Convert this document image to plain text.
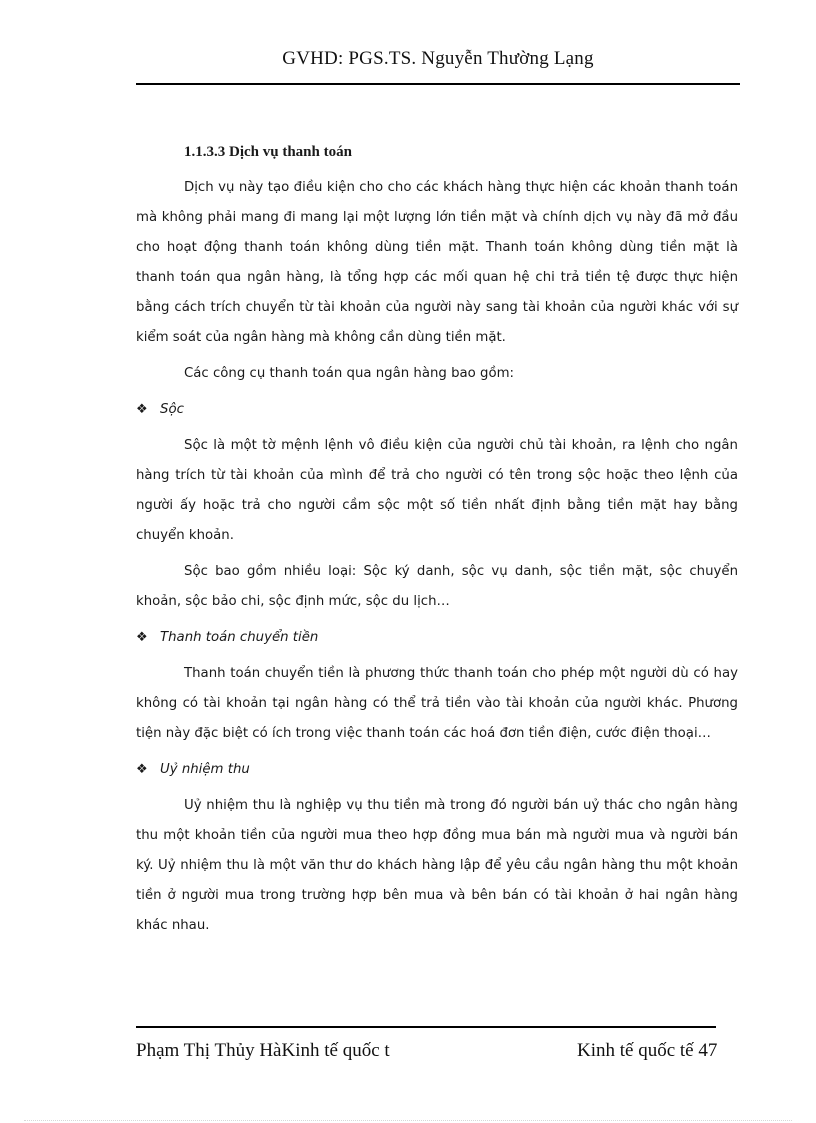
GVHD: PGS.TS. Nguyễn Thường Lạng
1.1.3.3 Dịch vụ thanh toán

Dịch vụ này tạo điều kiện cho cho các khách hàng thực hiện các khoản thanh toán mà không phải mang đi mang lại một lượng lớn tiền mặt và chính dịch vụ này đã mở đầu cho hoạt động thanh toán không dùng tiền mặt. Thanh toán không dùng tiền mặt là thanh toán qua ngân hàng, là tổng hợp các mối quan hệ chi trả tiền tệ được thực hiện bằng cách trích chuyển từ tài khoản của người này sang tài khoản của người khác với sự kiểm soát của ngân hàng mà không cần dùng tiền mặt.

Các công cụ thanh toán qua ngân hàng bao gồm:

❖ Sộc

Sộc là một tờ mệnh lệnh vô điều kiện của người chủ tài khoản, ra lệnh cho ngân hàng trích từ tài khoản của mình để trả cho người có tên trong sộc hoặc theo lệnh của người ấy hoặc trả cho người cầm sộc một số tiền nhất định bằng tiền mặt hay bằng chuyển khoản.

Sộc bao gồm nhiều loại: Sộc ký danh, sộc vụ danh, sộc tiền mặt, sộc chuyển khoản, sộc bảo chi, sộc định mức, sộc du lịch…

❖ Thanh toán chuyển tiền

Thanh toán chuyển tiền là phương thức thanh toán cho phép một người dù có hay không có tài khoản tại ngân hàng có thể trả tiền vào tài khoản của người khác. Phương tiện này đặc biệt có ích trong việc thanh toán các hoá đơn tiền điện, cước điện thoại…

❖ Uỷ nhiệm thu

Uỷ nhiệm thu là nghiệp vụ thu tiền mà trong đó người bán uỷ thác cho ngân hàng thu một khoản tiền của người mua theo hợp đồng mua bán mà người mua và người bán ký. Uỷ nhiệm thu là một văn thư do khách hàng lập để yêu cầu ngân hàng thu một khoản tiền ở người mua trong trường hợp bên mua và bên bán có tài khoản ở hai ngân hàng khác nhau.

Phạm Thị Thủy HàKinh tế quốc t	Kinh tế quốc tế 47
